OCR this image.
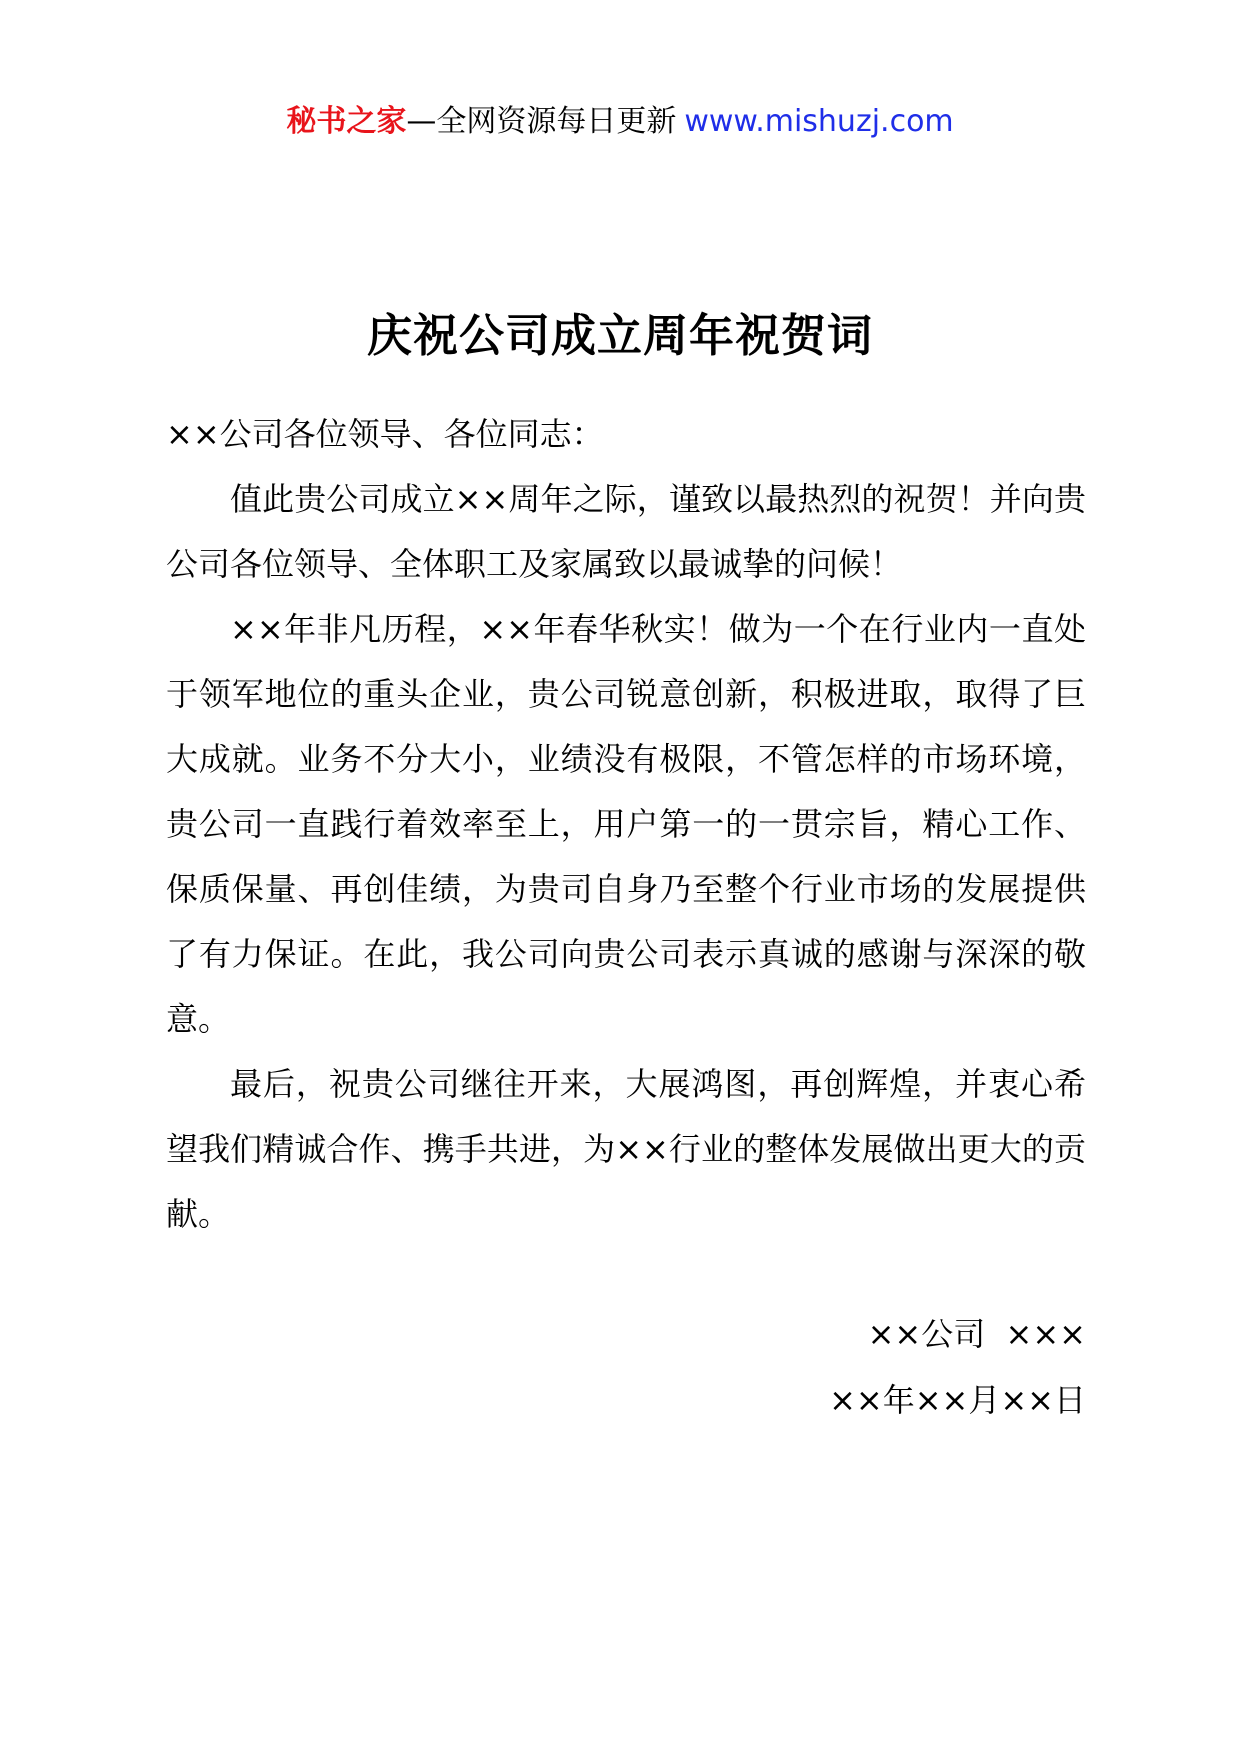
秘书之家—全网资源每日更新 www.mishuzj.com
庆祝公司成立周年祝贺词

××公司各位领导、各位同志：

值此贵公司成立××周年之际，谨致以最热烈的祝贺！并向贵公司各位领导、全体职工及家属致以最诚挚的问候！

××年非凡历程，××年春华秋实！做为一个在行业内一直处于领军地位的重头企业，贵公司锐意创新，积极进取，取得了巨大成就。业务不分大小，业绩没有极限，不管怎样的市场环境，贵公司一直践行着效率至上，用户第一的一贯宗旨，精心工作、保质保量、再创佳绩，为贵司自身乃至整个行业市场的发展提供了有力保证。在此，我公司向贵公司表示真诚的感谢与深深的敬意。

最后，祝贵公司继往开来，大展鸿图，再创辉煌，并衷心希望我们精诚合作、携手共进，为××行业的整体发展做出更大的贡献。

××公司  ×××
××年××月××日
